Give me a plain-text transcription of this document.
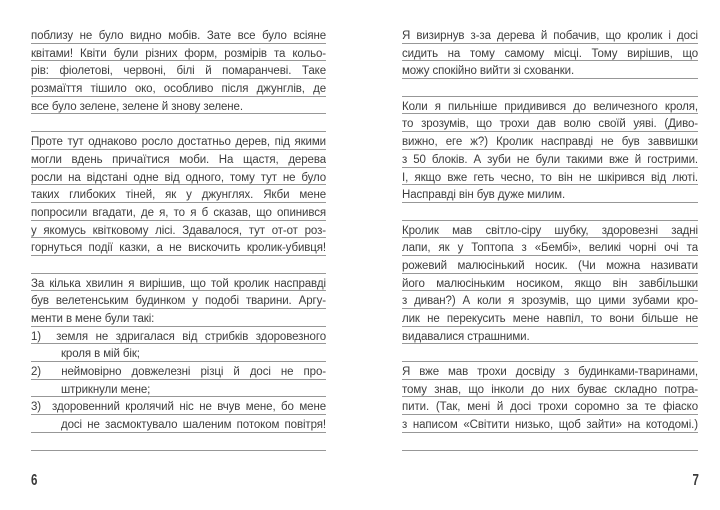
поблизу не було видно мобів. Зате все було всіяне
квітами! Квіти були різних форм, розмірів та кольо-
рів: фіолетові, червоні, білі й помаранчеві. Таке
розмаїття тішило око, особливо після джунглів, де
все було зелене, зелене й знову зелене.
Проте тут однаково росло достатньо дерев, під якими
могли вдень причаїтися моби. На щастя, дерева
росли на відстані одне від одного, тому тут не було
таких глибоких тіней, як у джунглях. Якби мене
попросили вгадати, де я, то я б сказав, що опинився
у якомусь квітковому лісі. Здавалося, тут от-от роз-
горнуться події казки, а не вискочить кролик-убивця!
За кілька хвилин я вирішив, що той кролик насправді
був велетенським будинком у подобі тварини. Аргу-
менти в мене були такі:
1)  земля не здригалася від стрибків здоровезного
кроля в мій бік;
2)  неймовірно довжелезні різці й досі не про-
штрикнули мене;
3)  здоровенний кролячий ніс не вчув мене, бо мене
досі не засмоктувало шаленим потоком повітря!
Я визирнув з-за дерева й побачив, що кролик і досі
сидить на тому самому місці. Тому вирішив, що
можу спокійно вийти зі схованки.
Коли я пильніше придивився до величезного кроля,
то зрозумів, що трохи дав волю своїй уяві. (Диво-
вижно, еге ж?) Кролик насправді не був заввишки
з 50 блоків. А зуби не були такими вже й гострими.
І, якщо вже геть чесно, то він не шкірився від люті.
Насправді він був дуже милим.
Кролик мав світло-сіру шубку, здоровезні задні
лапи, як у Топтопа з «Бембі», великі чорні очі та
рожевий малюсінький носик. (Чи можна називати
його малюсіньким носиком, якщо він завбільшки
з диван?) А коли я зрозумів, що цими зубами кро-
лик не перекусить мене навпіл, то вони більше не
видавалися страшними.
Я вже мав трохи досвіду з будинками-тваринами,
тому знав, що інколи до них буває складно потра-
пити. (Так, мені й досі трохи соромно за те фіаско
з написом «Світити низько, щоб зайти» на котодомі.)
6	7
